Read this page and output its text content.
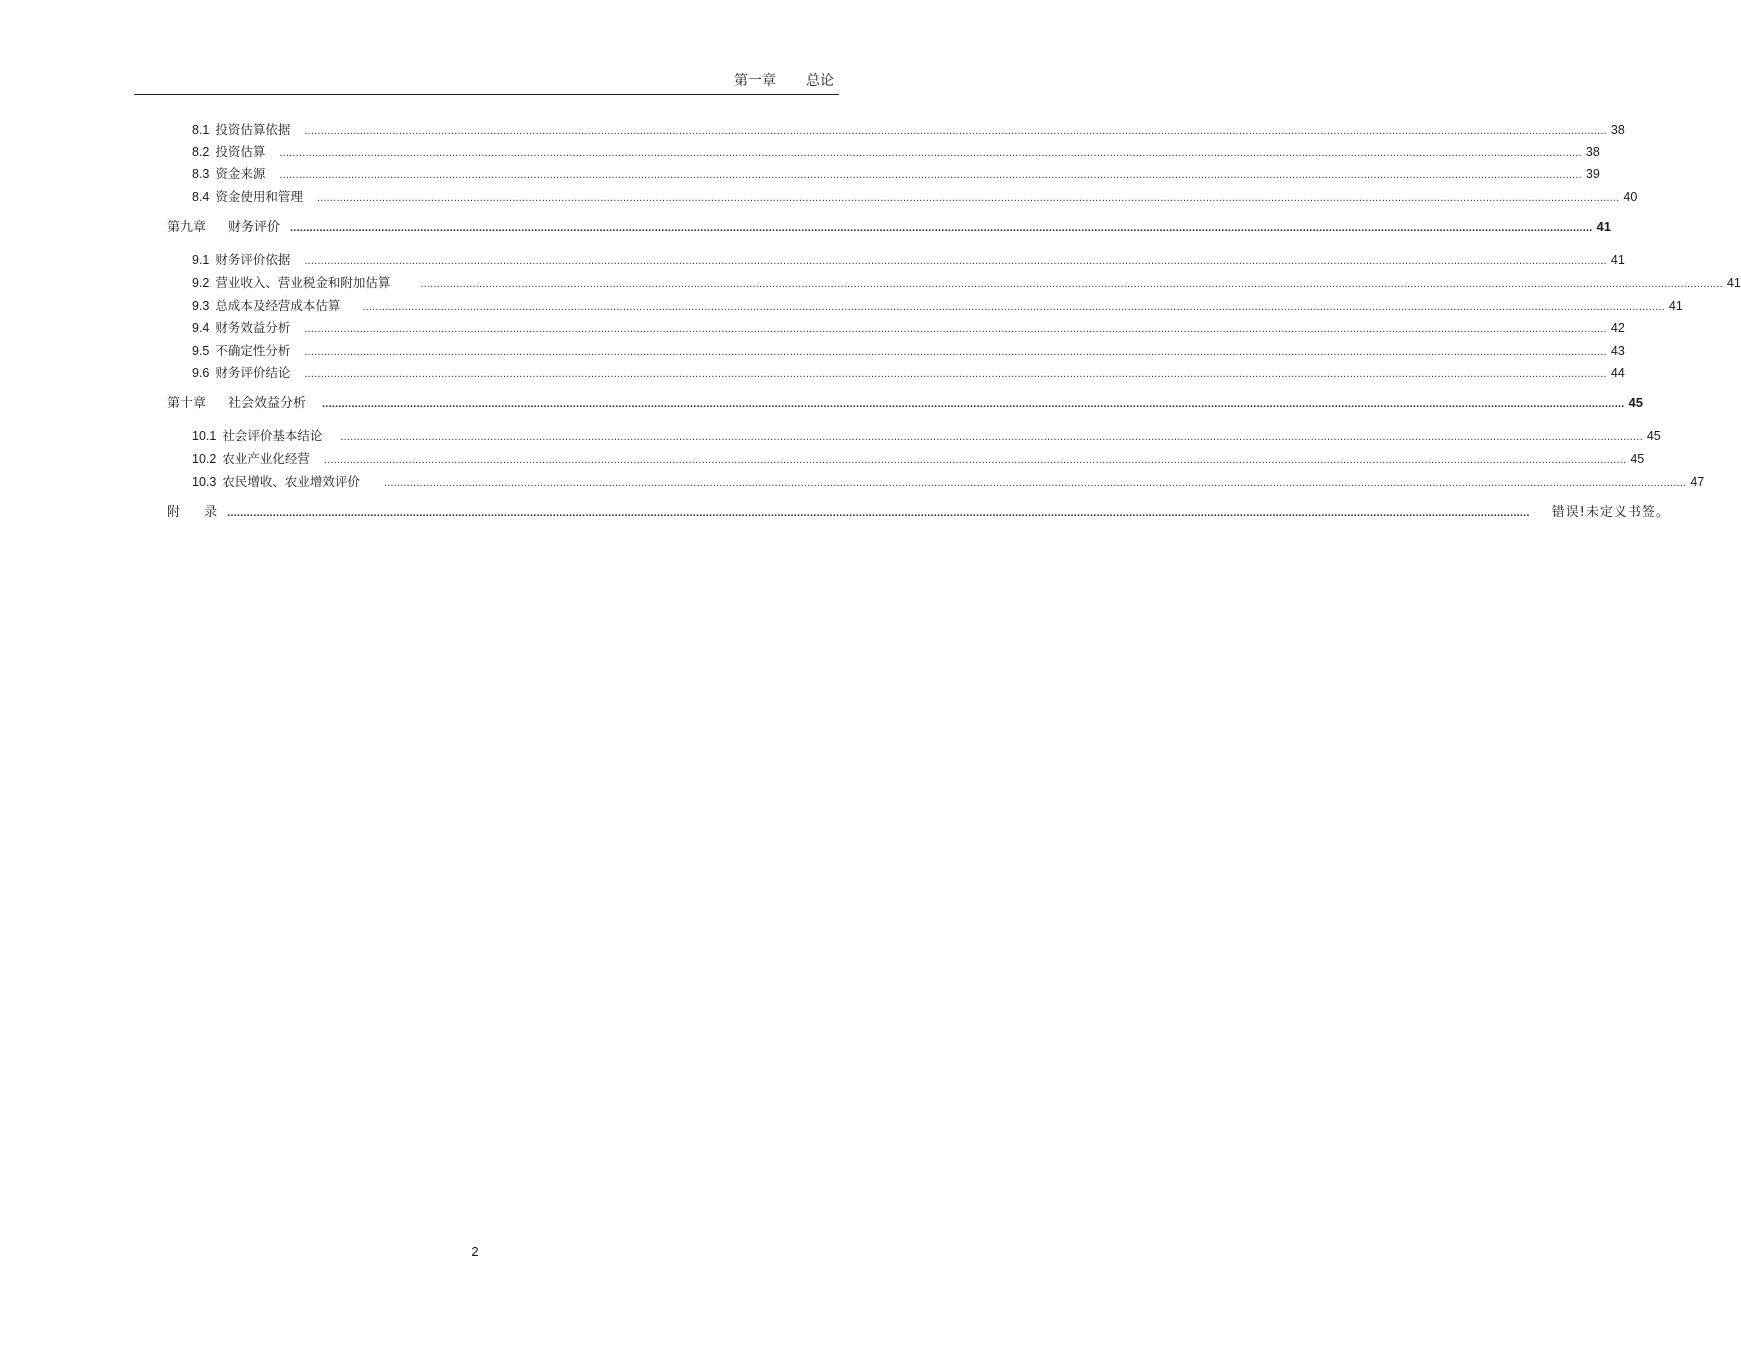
第一章 总论
8.1 投资估算依据 ................................................................................................................................................................................................................................................................................................................................................................................................................ 38
8.2 投资估算 ................................................................................................................................................................................................................................................................................................................................................................................................................ 38
8.3 资金来源 ................................................................................................................................................................................................................................................................................................................................................................................................................ 39
8.4 资金使用和管理 ................................................................................................................................................................................................................................................................................................................................................................................................................ 40
第九章 财务评价 ................................................................................................................................................................................................................................................................................................................................................................................................................ 41
9.1 财务评价依据 ................................................................................................................................................................................................................................................................................................................................................................................................................ 41
9.2 营业收入、营业税金和附加估算	................................................................................................................................................................................................................................................................................................................................................................................................................ 41
9.3 总成本及经营成本估算 ................................................................................................................................................................................................................................................................................................................................................................................................................ 41
9.4 财务效益分析 ................................................................................................................................................................................................................................................................................................................................................................................................................ 42
9.5 不确定性分析 ................................................................................................................................................................................................................................................................................................................................................................................................................ 43
9.6 财务评价结论 ................................................................................................................................................................................................................................................................................................................................................................................................................ 44
第十章 社会效益分析 ................................................................................................................................................................................................................................................................................................................................................................................................................ 45
10.1 社会评价基本结论 ................................................................................................................................................................................................................................................................................................................................................................................................................ 45
10.2 农业产业化经营 ................................................................................................................................................................................................................................................................................................................................................................................................................ 45
10.3 农民增收、农业增效评价 ................................................................................................................................................................................................................................................................................................................................................................................................................ 47
附 录 ................................................................................................................................................................................................................................................................................................................................................................................................................ 错误!未定义书签。
2
